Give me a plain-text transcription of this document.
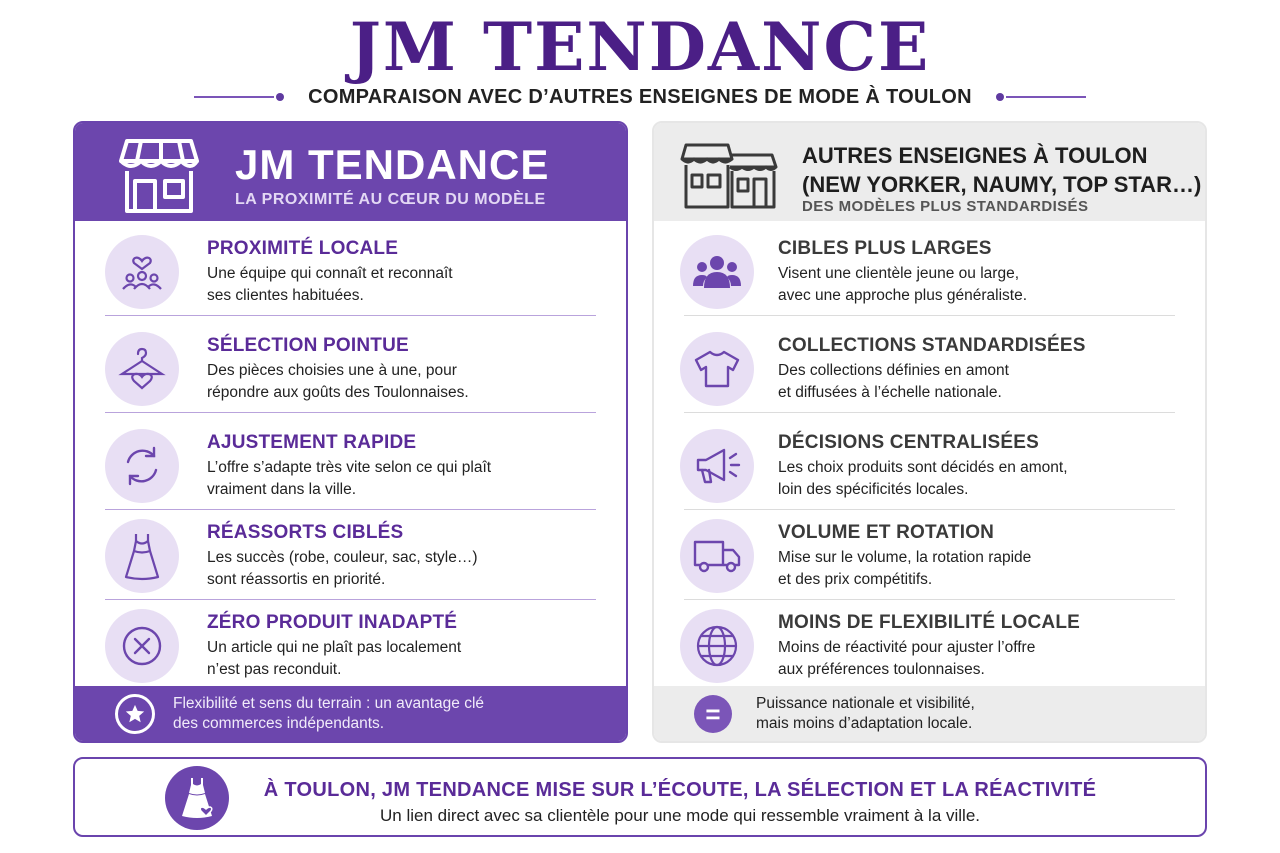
JM TENDANCE
COMPARAISON AVEC D’AUTRES ENSEIGNES DE MODE À TOULON
JM TENDANCE
LA PROXIMITÉ AU CŒUR DU MODÈLE
PROXIMITÉ LOCALE
Une équipe qui connaît et reconnaît
ses clientes habituées.
SÉLECTION POINTUE
Des pièces choisies une à une, pour
répondre aux goûts des Toulonnaises.
AJUSTEMENT RAPIDE
L’offre s’adapte très vite selon ce qui plaît
vraiment dans la ville.
RÉASSORTS CIBLÉS
Les succès (robe, couleur, sac, style…)
sont réassortis en priorité.
ZÉRO PRODUIT INADAPTÉ
Un article qui ne plaît pas localement
n’est pas reconduit.
Flexibilité et sens du terrain : un avantage clé
des commerces indépendants.
AUTRES ENSEIGNES À TOULON
(NEW YORKER, NAUMY, TOP STAR…)
DES MODÈLES PLUS STANDARDISÉS
CIBLES PLUS LARGES
Visent une clientèle jeune ou large,
avec une approche plus généraliste.
COLLECTIONS STANDARDISÉES
Des collections définies en amont
et diffusées à l’échelle nationale.
DÉCISIONS CENTRALISÉES
Les choix produits sont décidés en amont,
loin des spécificités locales.
VOLUME ET ROTATION
Mise sur le volume, la rotation rapide
et des prix compétitifs.
MOINS DE FLEXIBILITÉ LOCALE
Moins de réactivité pour ajuster l’offre
aux préférences toulonnaises.
= Puissance nationale et visibilité,
mais moins d’adaptation locale.
À TOULON, JM TENDANCE MISE SUR L’ÉCOUTE, LA SÉLECTION ET LA RÉACTIVITÉ
Un lien direct avec sa clientèle pour une mode qui ressemble vraiment à la ville.
